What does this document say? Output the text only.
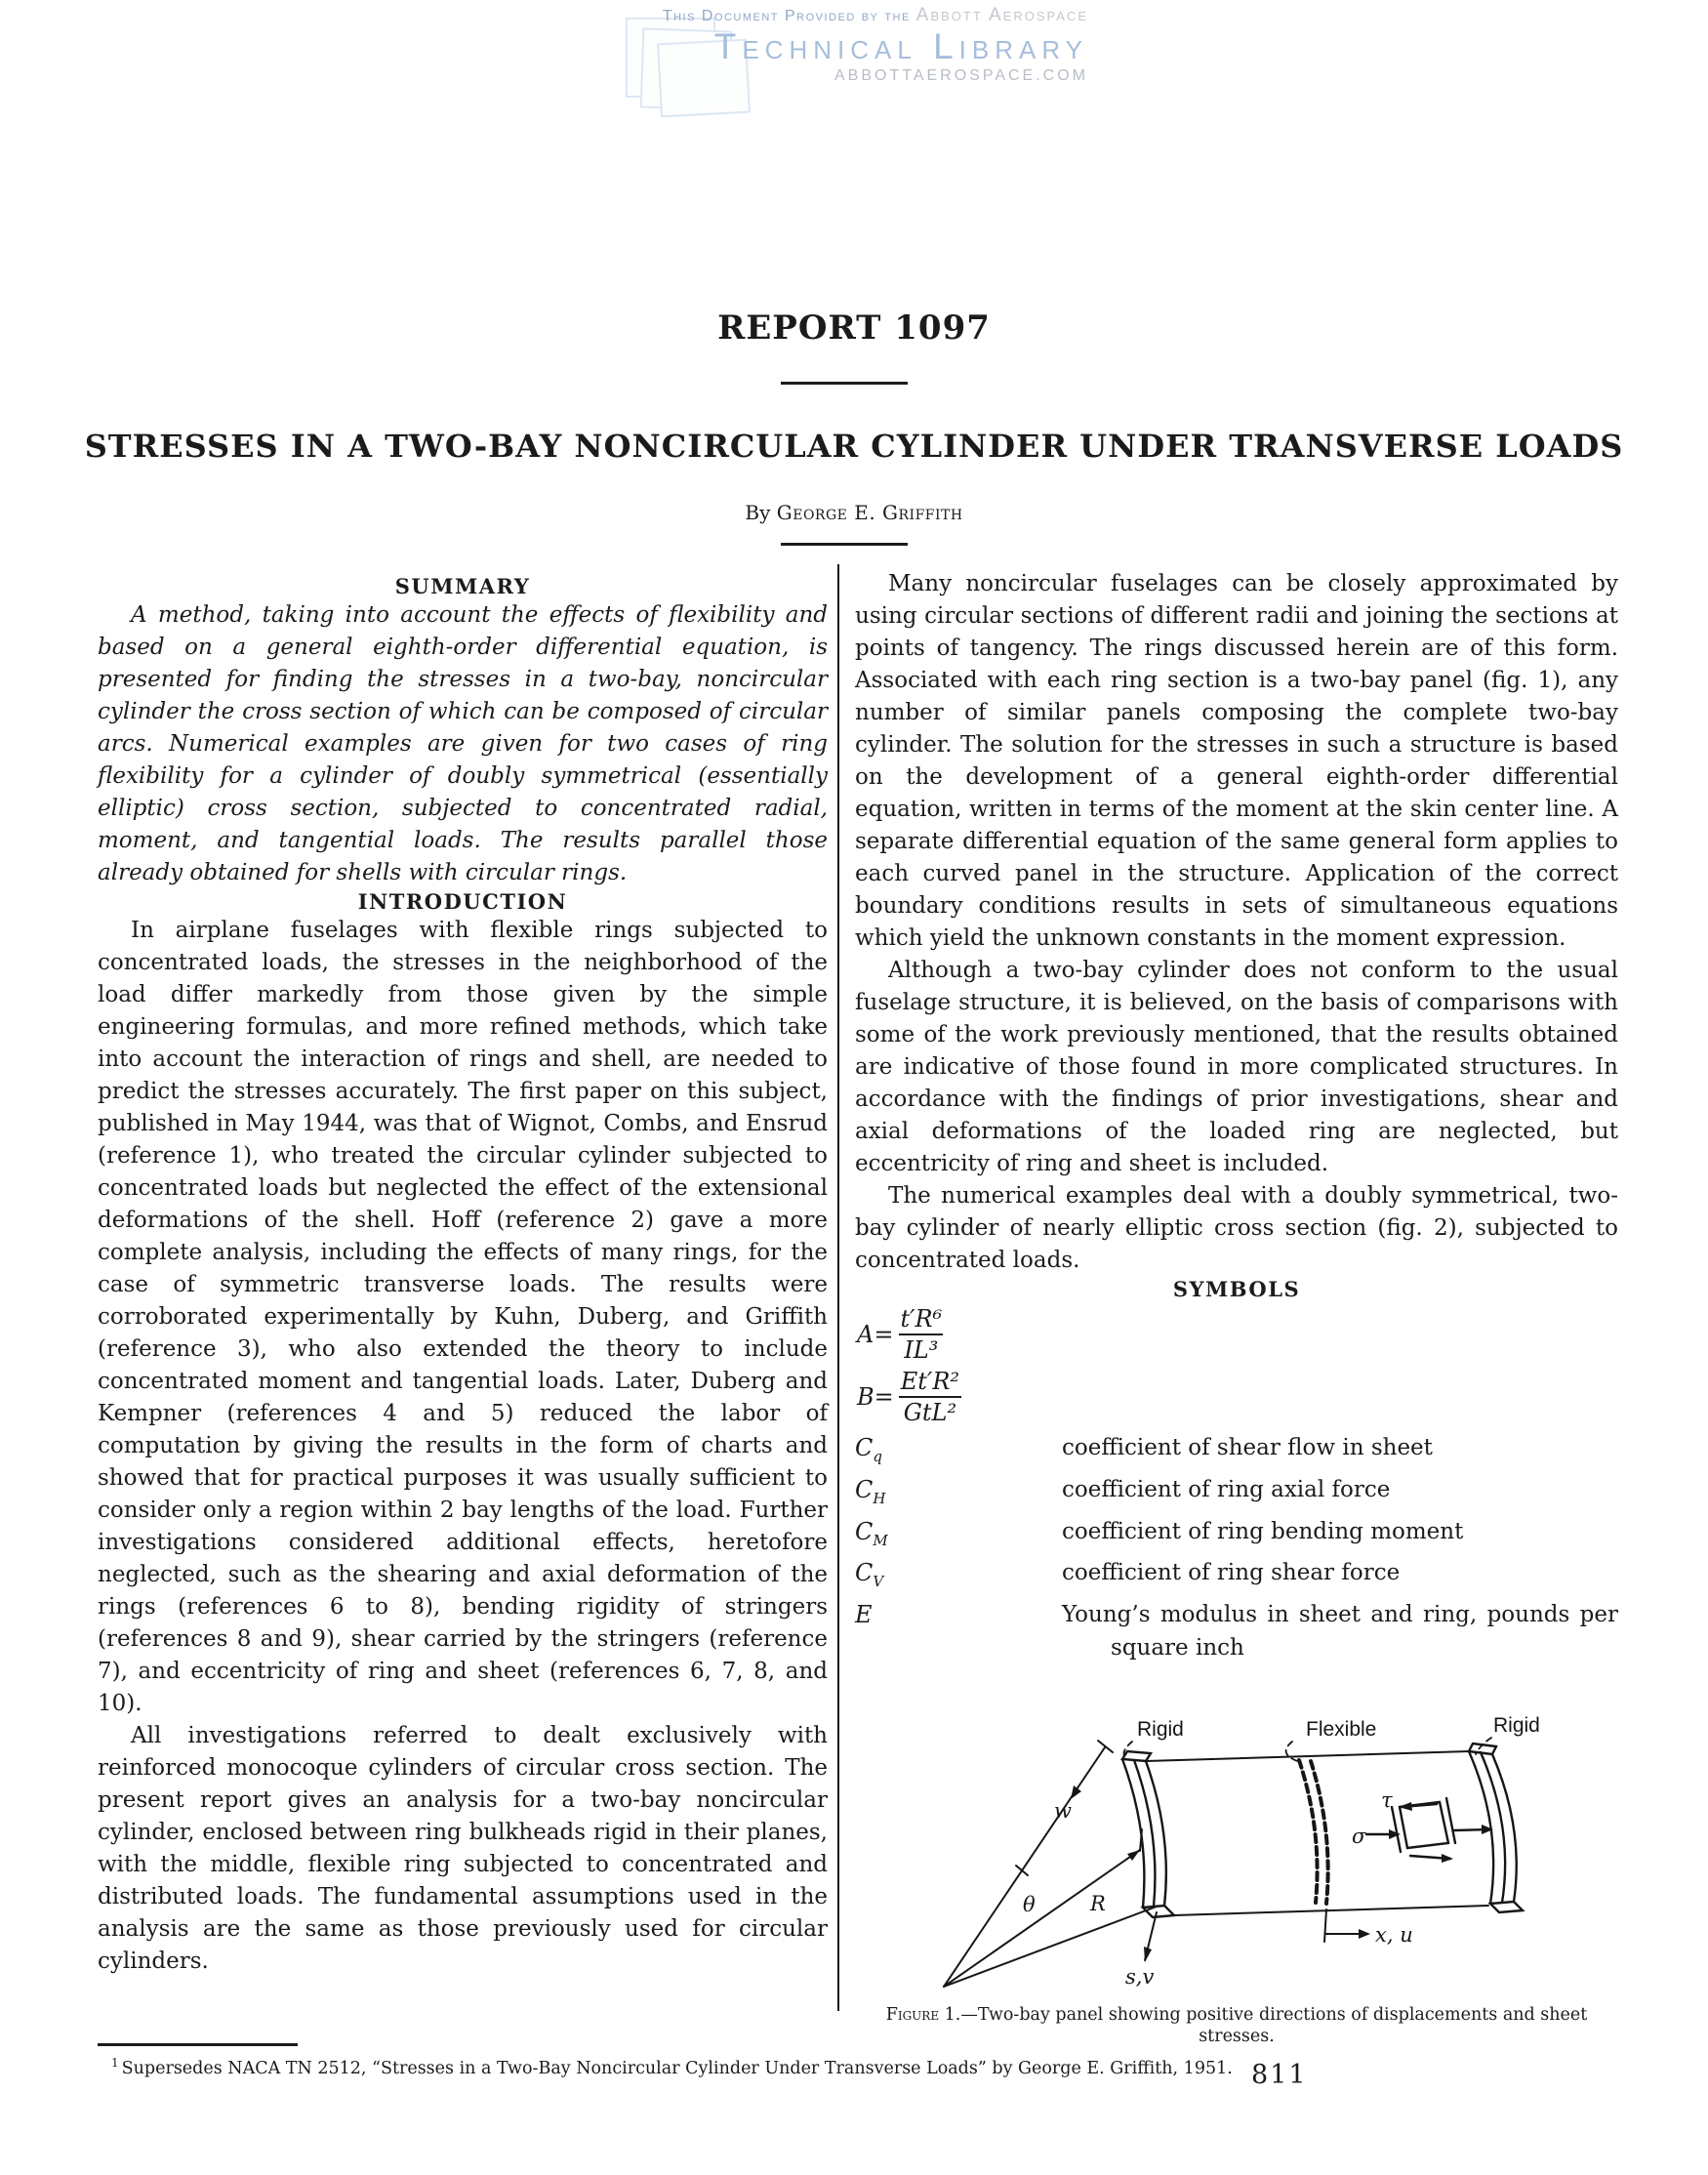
This Document Provided by the Abbott Aerospace
Technical Library
ABBOTTAEROSPACE.COM
REPORT 1097
STRESSES IN A TWO-BAY NONCIRCULAR CYLINDER UNDER TRANSVERSE LOADS
By George E. Griffith
SUMMARY

A method, taking into account the effects of flexibility and based on a general eighth-order differential equation, is presented for finding the stresses in a two-bay, noncircular cylinder the cross section of which can be composed of circular arcs. Numerical examples are given for two cases of ring flexibility for a cylinder of doubly symmetrical (essentially elliptic) cross section, subjected to concentrated radial, moment, and tangential loads. The results parallel those already obtained for shells with circular rings.

INTRODUCTION

In airplane fuselages with flexible rings subjected to concentrated loads, the stresses in the neighborhood of the load differ markedly from those given by the simple engineering formulas, and more refined methods, which take into account the interaction of rings and shell, are needed to predict the stresses accurately. The first paper on this subject, published in May 1944, was that of Wignot, Combs, and Ensrud (reference 1), who treated the circular cylinder subjected to concentrated loads but neglected the effect of the extensional deformations of the shell. Hoff (reference 2) gave a more complete analysis, including the effects of many rings, for the case of symmetric transverse loads. The results were corroborated experimentally by Kuhn, Duberg, and Griffith (reference 3), who also extended the theory to include concentrated moment and tangential loads. Later, Duberg and Kempner (references 4 and 5) reduced the labor of computation by giving the results in the form of charts and showed that for practical purposes it was usually sufficient to consider only a region within 2 bay lengths of the load. Further investigations considered additional effects, heretofore neglected, such as the shearing and axial deformation of the rings (references 6 to 8), bending rigidity of stringers (references 8 and 9), shear carried by the stringers (reference 7), and eccentricity of ring and sheet (references 6, 7, 8, and 10).

All investigations referred to dealt exclusively with reinforced monocoque cylinders of circular cross section. The present report gives an analysis for a two-bay noncircular cylinder, enclosed between ring bulkheads rigid in their planes, with the middle, flexible ring subjected to concentrated and distributed loads. The fundamental assumptions used in the analysis are the same as those previously used for circular cylinders.

Many noncircular fuselages can be closely approximated by using circular sections of different radii and joining the sections at points of tangency. The rings discussed herein are of this form. Associated with each ring section is a two-bay panel (fig. 1), any number of similar panels composing the complete two-bay cylinder. The solution for the stresses in such a structure is based on the development of a general eighth-order differential equation, written in terms of the moment at the skin center line. A separate differential equation of the same general form applies to each curved panel in the structure. Application of the correct boundary conditions results in sets of simultaneous equations which yield the unknown constants in the moment expression.

Although a two-bay cylinder does not conform to the usual fuselage structure, it is believed, on the basis of comparisons with some of the work previously mentioned, that the results obtained are indicative of those found in more complicated structures. In accordance with the findings of prior investigations, shear and axial deformations of the loaded ring are neglected, but eccentricity of ring and sheet is included.

The numerical examples deal with a doubly symmetrical, two-bay cylinder of nearly elliptic cross section (fig. 2), subjected to concentrated loads.

SYMBOLS
$A= \frac{\text{t′R⁶}}{\text{IL³}}$
$B= \frac{\text{Et′R²}}{\text{GtL²}}$
$C_q$	coefficient of shear flow in sheet
$C_H$	coefficient of ring axial force
$C_M$	coefficient of ring bending moment
$C_V$	coefficient of ring shear force
E	Young’s modulus in sheet and ring, pounds per square inch
Rigid	Flexible	Rigid
w
θ	R
s,v
x, u
τ
σ
Figure 1.—Two-bay panel showing positive directions of displacements and sheet stresses.
$^1$ Supersedes NACA TN 2512, “Stresses in a Two-Bay Noncircular Cylinder Under Transverse Loads” by George E. Griffith, 1951. 811
